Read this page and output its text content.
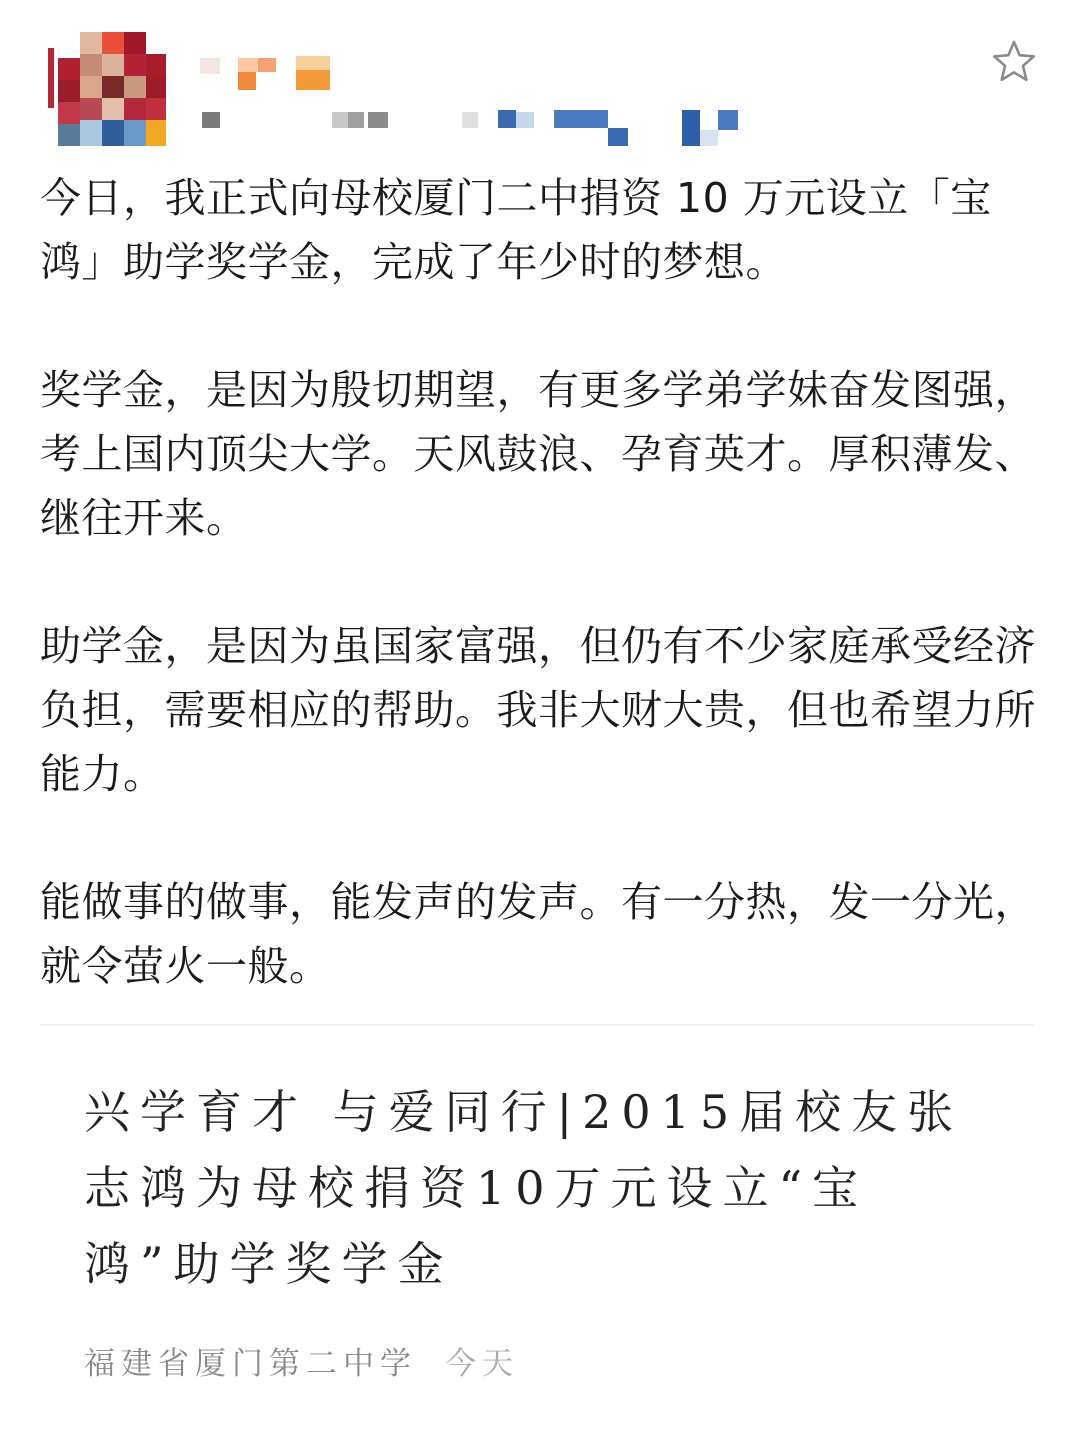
今日，我正式向母校厦门二中捐资 10 万元设立「宝鸿」助学奖学金，完成了年少时的梦想。

奖学金，是因为殷切期望，有更多学弟学妹奋发图强，考上国内顶尖大学。天风鼓浪、孕育英才。厚积薄发、继往开来。

助学金，是因为虽国家富强，但仍有不少家庭承受经济负担，需要相应的帮助。我非大财大贵，但也希望力所能力。

能做事的做事，能发声的发声。有一分热，发一分光，就令萤火一般。

兴学育才 与爱同行|2015届校友张志鸿为母校捐资10万元设立“宝鸿”助学奖学金
福建省厦门第二中学 今天
